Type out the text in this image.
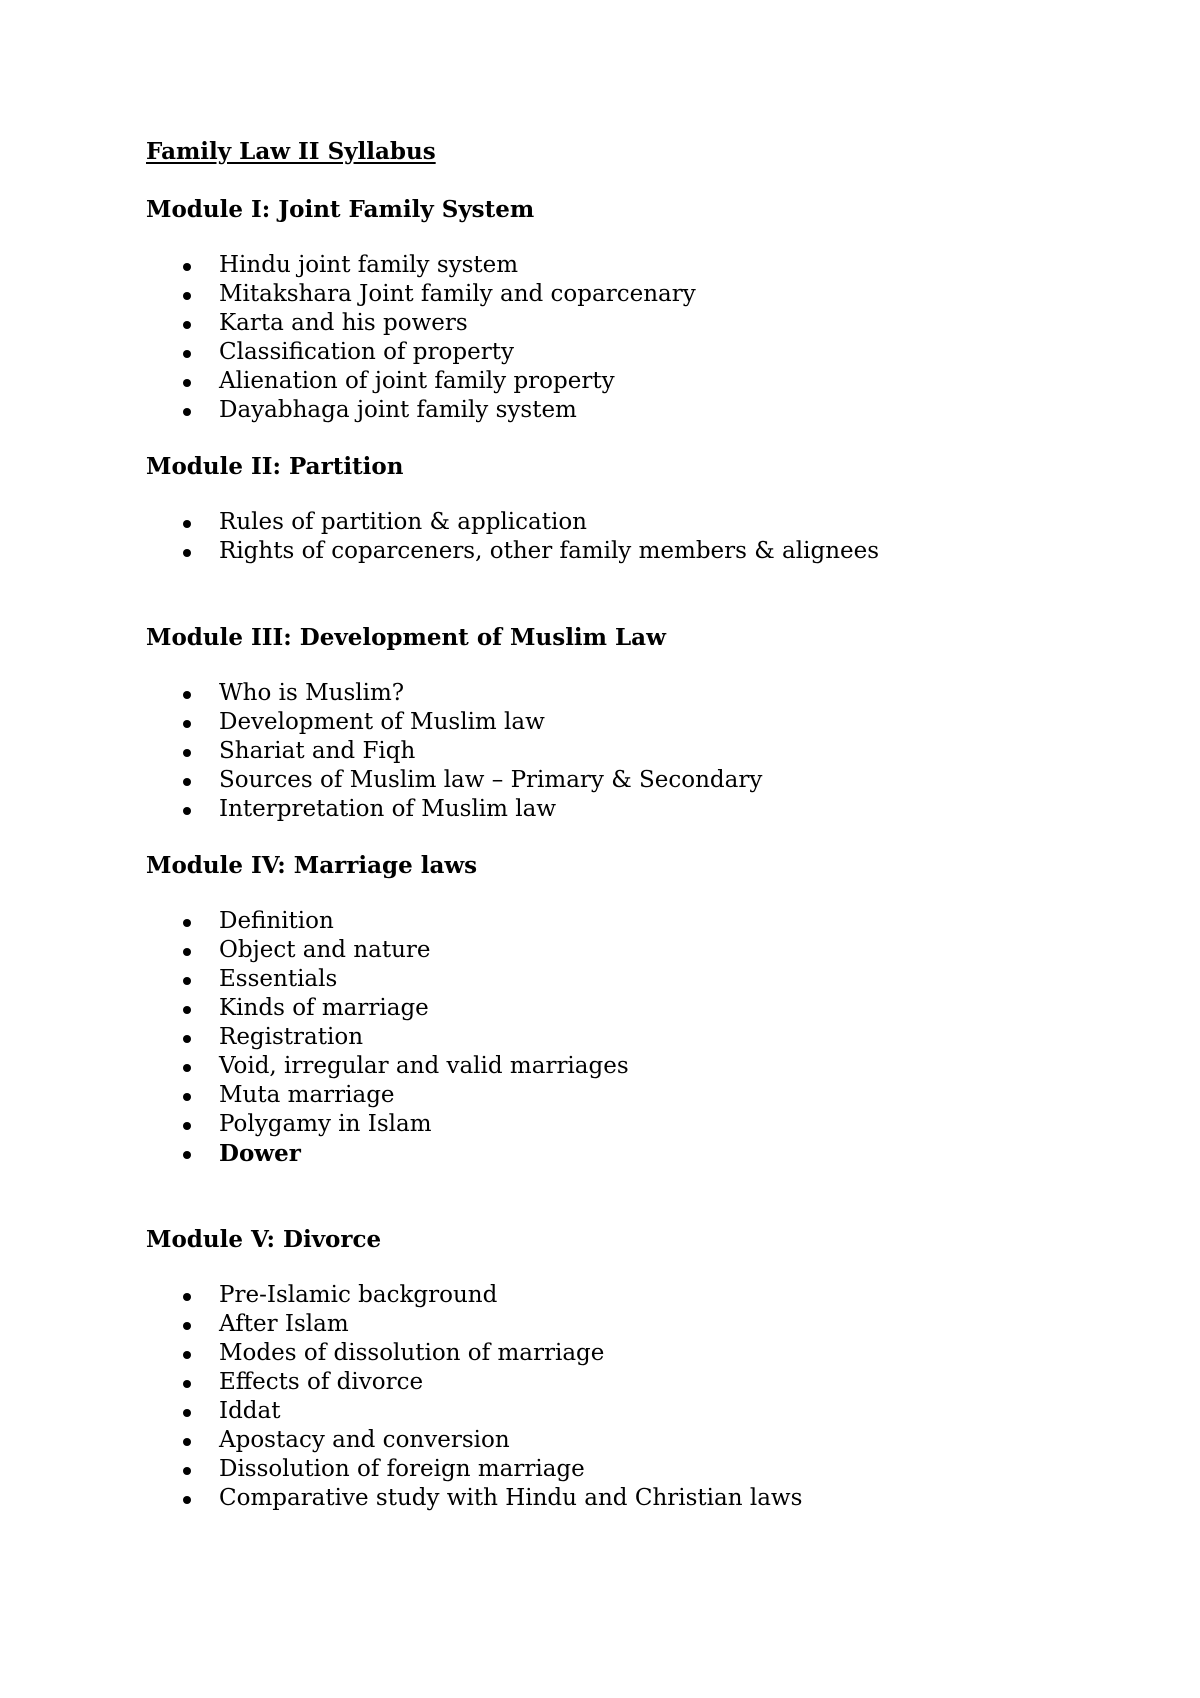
Family Law II Syllabus
Module I: Joint Family System
Hindu joint family system
Mitakshara Joint family and coparcenary
Karta and his powers
Classification of property
Alienation of joint family property
Dayabhaga joint family system
Module II: Partition
Rules of partition & application
Rights of coparceners, other family members & alignees
Module III: Development of Muslim Law
Who is Muslim?
Development of Muslim law
Shariat and Fiqh
Sources of Muslim law – Primary & Secondary
Interpretation of Muslim law
Module IV: Marriage laws
Definition
Object and nature
Essentials
Kinds of marriage
Registration
Void, irregular and valid marriages
Muta marriage
Polygamy in Islam
Dower
Module V: Divorce
Pre-Islamic background
After Islam
Modes of dissolution of marriage
Effects of divorce
Iddat
Apostacy and conversion
Dissolution of foreign marriage
Comparative study with Hindu and Christian laws
